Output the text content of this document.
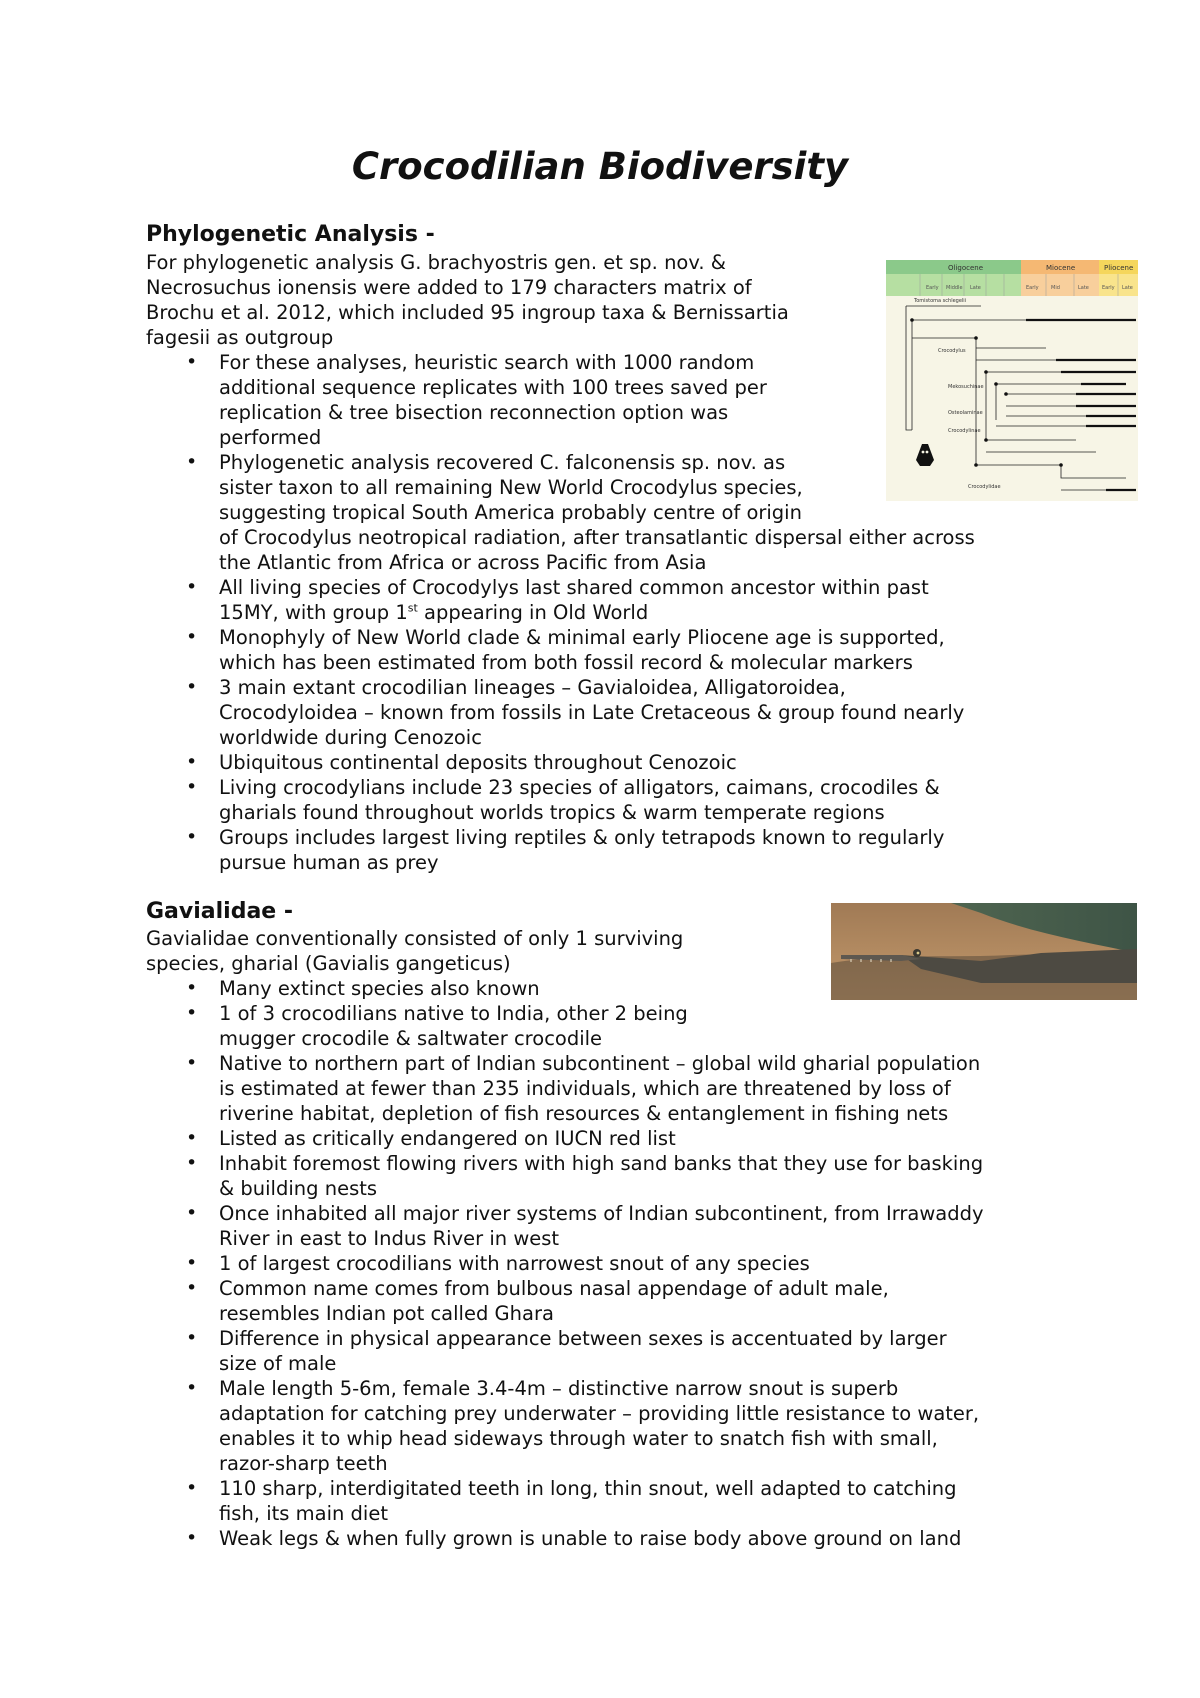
Crocodilian Biodiversity
Phylogenetic Analysis -

For phylogenetic analysis G. brachyostris gen. et sp. nov. &
Necrosuchus ionensis were added to 179 characters matrix of
Brochu et al. 2012, which included 95 ingroup taxa & Bernissartia
fagesii as outgroup

• For these analyses, heuristic search with 1000 random
additional sequence replicates with 100 trees saved per
replication & tree bisection reconnection option was
performed
• Phylogenetic analysis recovered C. falconensis sp. nov. as
sister taxon to all remaining New World Crocodylus species,
suggesting tropical South America probably centre of origin
of Crocodylus neotropical radiation, after transatlantic dispersal either across
the Atlantic from Africa or across Pacific from Asia
• All living species of Crocodylys last shared common ancestor within past
15MY, with group 1st appearing in Old World
• Monophyly of New World clade & minimal early Pliocene age is supported,
which has been estimated from both fossil record & molecular markers
• 3 main extant crocodilian lineages – Gavialoidea, Alligatoroidea,
Crocodyloidea – known from fossils in Late Cretaceous & group found nearly
worldwide during Cenozoic
• Ubiquitous continental deposits throughout Cenozoic
• Living crocodylians include 23 species of alligators, caimans, crocodiles &
gharials found throughout worlds tropics & warm temperate regions
• Groups includes largest living reptiles & only tetrapods known to regularly
pursue human as prey
Oligocene	Miocene	Pliocene
Early Middle Late	Early Mid	Late	Early Late
Tomistoma schlegelii
Crocodylus
Mekosuchinae
Osteolaminae
Crocodylinae
Crocodylidae
Gavialidae -

Gavialidae conventionally consisted of only 1 surviving
species, gharial (Gavialis gangeticus)

• Many extinct species also known
• 1 of 3 crocodilians native to India, other 2 being
mugger crocodile & saltwater crocodile
• Native to northern part of Indian subcontinent – global wild gharial population
is estimated at fewer than 235 individuals, which are threatened by loss of
riverine habitat, depletion of fish resources & entanglement in fishing nets
• Listed as critically endangered on IUCN red list
• Inhabit foremost flowing rivers with high sand banks that they use for basking
& building nests
• Once inhabited all major river systems of Indian subcontinent, from Irrawaddy
River in east to Indus River in west
• 1 of largest crocodilians with narrowest snout of any species
• Common name comes from bulbous nasal appendage of adult male,
resembles Indian pot called Ghara
• Difference in physical appearance between sexes is accentuated by larger
size of male
• Male length 5-6m, female 3.4-4m – distinctive narrow snout is superb
adaptation for catching prey underwater – providing little resistance to water,
enables it to whip head sideways through water to snatch fish with small,
razor-sharp teeth
• 110 sharp, interdigitated teeth in long, thin snout, well adapted to catching
fish, its main diet
• Weak legs & when fully grown is unable to raise body above ground on land
